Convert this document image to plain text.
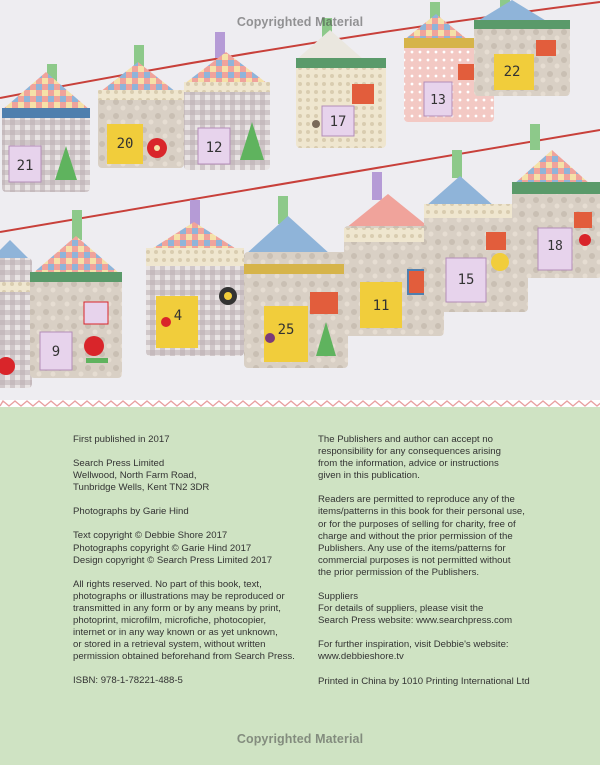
21
20	12
17
13
22
9
4
25
11
15
18
Copyrighted Material

First published in 2017

Search Press Limited
Wellwood, North Farm Road,
Tunbridge Wells, Kent TN2 3DR

Photographs by Garie Hind

Text copyright © Debbie Shore 2017
Photographs copyright © Garie Hind 2017
Design copyright © Search Press Limited 2017

All rights reserved. No part of this book, text,
photographs or illustrations may be reproduced or
transmitted in any form or by any means by print,
photoprint, microfilm, microfiche, photocopier,
internet or in any way known or as yet unknown,
or stored in a retrieval system, without written
permission obtained beforehand from Search Press.

ISBN: 978-1-78221-488-5

The Publishers and author can accept no
responsibility for any consequences arising
from the information, advice or instructions
given in this publication.

Readers are permitted to reproduce any of the
items/patterns in this book for their personal use,
or for the purposes of selling for charity, free of
charge and without the prior permission of the
Publishers. Any use of the items/patterns for
commercial purposes is not permitted without
the prior permission of the Publishers.

Suppliers

For details of suppliers, please visit the
Search Press website: www.searchpress.com

For further inspiration, visit Debbie's website:
www.debbieshore.tv

Printed in China by 1010 Printing International Ltd

Copyrighted Material
